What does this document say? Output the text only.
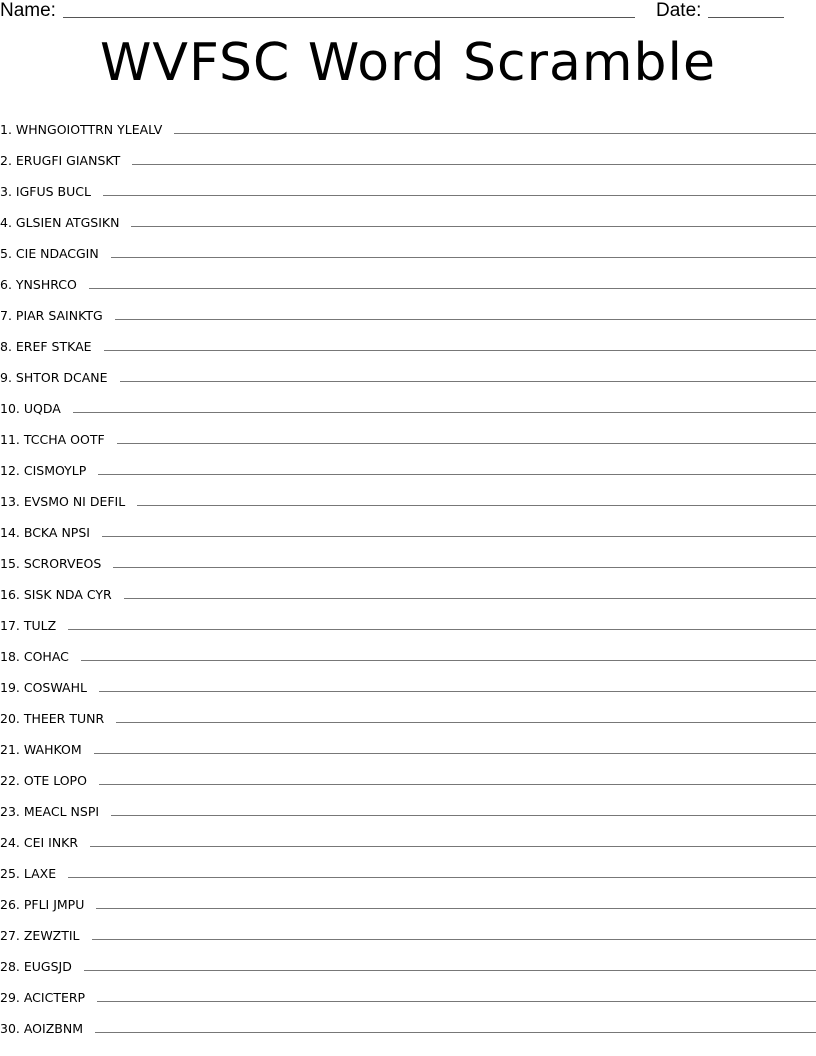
Name:	Date:
WVFSC Word Scramble
1. WHNGOIOTTRN YLEALV
2. ERUGFI GIANSKT
3. IGFUS BUCL
4. GLSIEN ATGSIKN
5. CIE NDACGIN
6. YNSHRCO
7. PIAR SAINKTG
8. EREF STKAE
9. SHTOR DCANE
10. UQDA
11. TCCHA OOTF
12. CISMOYLP
13. EVSMO NI DEFIL
14. BCKA NPSI
15. SCRORVEOS
16. SISK NDA CYR
17. TULZ
18. COHAC
19. COSWAHL
20. THEER TUNR
21. WAHKOM
22. OTE LOPO
23. MEACL NSPI
24. CEI INKR
25. LAXE
26. PFLI JMPU
27. ZEWZTIL
28. EUGSJD
29. ACICTERP
30. AOIZBNM
